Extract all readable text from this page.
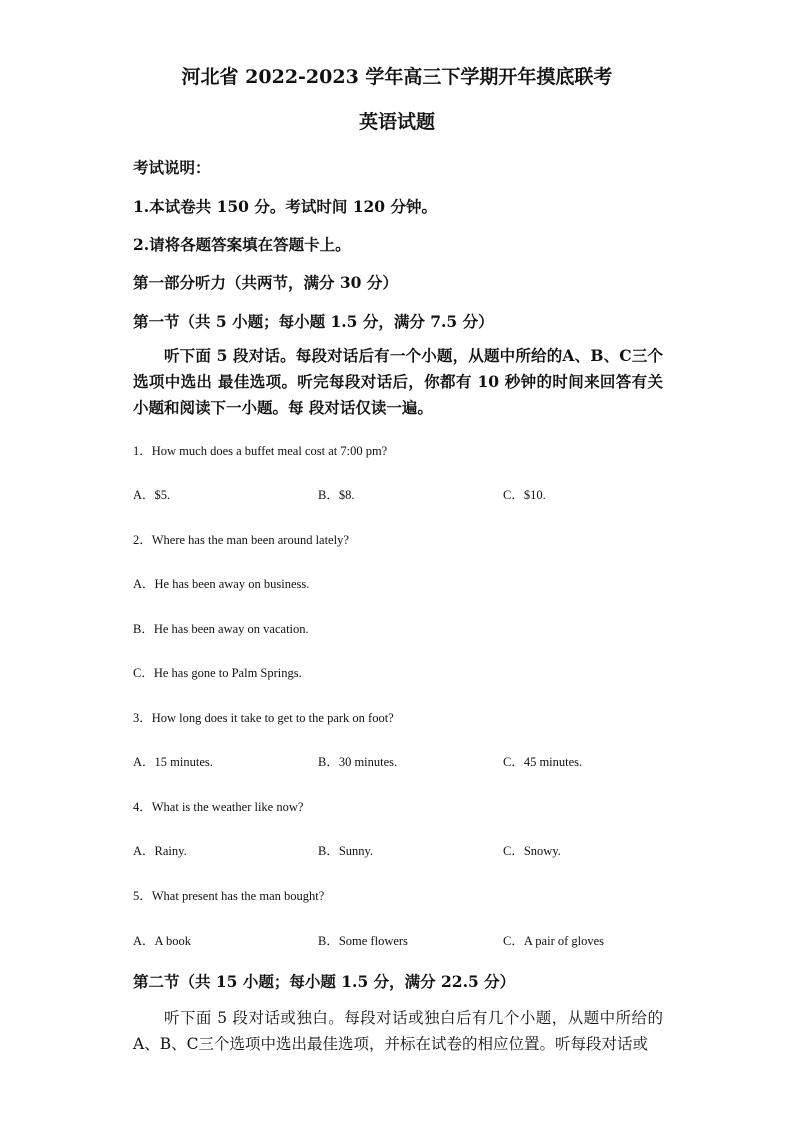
河北省 2022-2023 学年高三下学期开年摸底联考
英语试题

考试说明：

1.本试卷共 150 分。考试时间 120 分钟。

2.请将各题答案填在答题卡上。

第一部分听力（共两节，满分 30 分）

第一节（共 5 小题；每小题 1.5 分，满分 7.5 分）

听下面 5 段对话。每段对话后有一个小题，从题中所给的A、B、C三个选项中选出 最佳选项。听完每段对话后，你都有 10 秒钟的时间来回答有关小题和阅读下一小题。每 段对话仅读一遍。

1．How much does a buffet meal cost at 7:00 pm?

A．$5.	B．$8.	C．$10.

2．Where has the man been around lately?

A．He has been away on business.

B．He has been away on vacation.

C．He has gone to Palm Springs.

3．How long does it take to get to the park on foot?

A．15 minutes.	B．30 minutes.	C．45 minutes.

4．What is the weather like now?

A．Rainy.	B．Sunny.	C．Snowy.

5．What present has the man bought?

A．A book	B．Some flowers	C．A pair of gloves

第二节（共 15 小题；每小题 1.5 分，满分 22.5 分）

听下面 5 段对话或独白。每段对话或独白后有几个小题，从题中所给的A、B、C三个选项中选出最佳选项，并标在试卷的相应位置。听每段对话或
